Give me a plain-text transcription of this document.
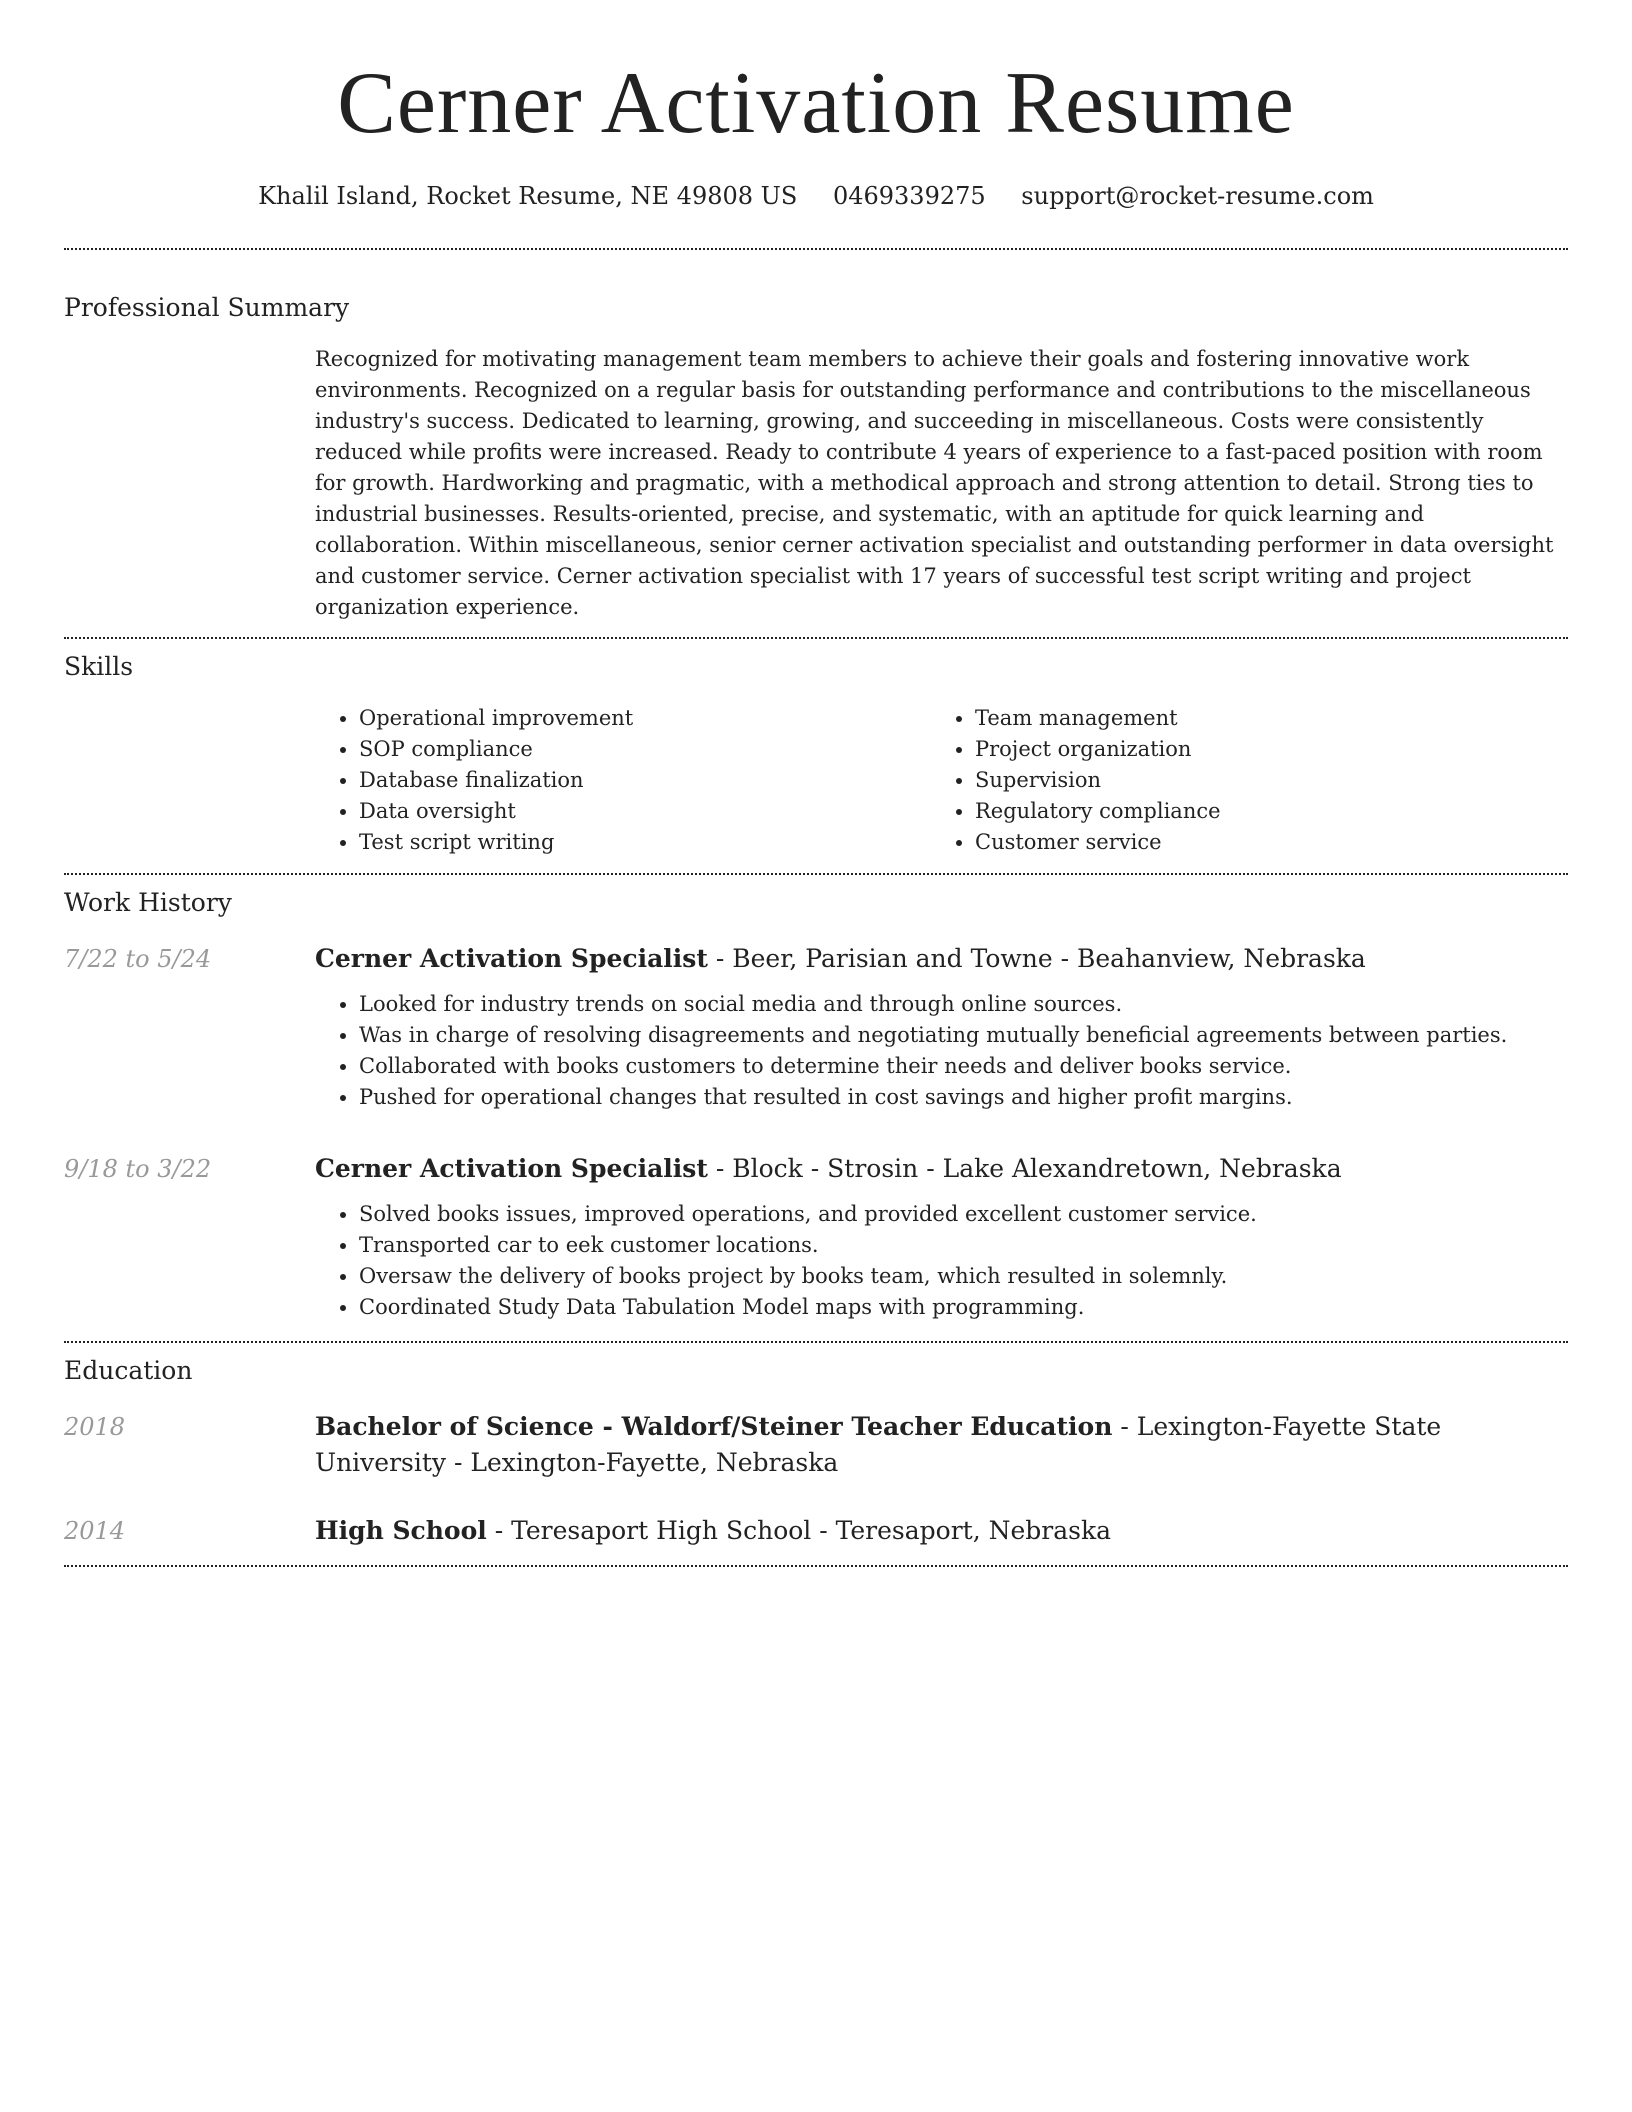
Cerner Activation Resume
Khalil Island, Rocket Resume, NE 49808 US 0469339275 support@rocket-resume.com
Professional Summary

Recognized for motivating management team members to achieve their goals and fostering innovative work environments. Recognized on a regular basis for outstanding performance and contributions to the miscellaneous industry's success. Dedicated to learning, growing, and succeeding in miscellaneous. Costs were consistently reduced while profits were increased. Ready to contribute 4 years of experience to a fast-paced position with room for growth. Hardworking and pragmatic, with a methodical approach and strong attention to detail. Strong ties to industrial businesses. Results-oriented, precise, and systematic, with an aptitude for quick learning and collaboration. Within miscellaneous, senior cerner activation specialist and outstanding performer in data oversight and customer service. Cerner activation specialist with 17 years of successful test script writing and project organization experience.

Skills
• Operational improvement
• SOP compliance
• Database finalization
• Data oversight
• Test script writing
• Team management
• Project organization
• Supervision
• Regulatory compliance
• Customer service
Work History
7/22 to 5/24	Cerner Activation Specialist - Beer, Parisian and Towne - Beahanview, Nebraska
• Looked for industry trends on social media and through online sources.
• Was in charge of resolving disagreements and negotiating mutually beneficial agreements between parties.
• Collaborated with books customers to determine their needs and deliver books service.
• Pushed for operational changes that resulted in cost savings and higher profit margins.
9/18 to 3/22	Cerner Activation Specialist - Block - Strosin - Lake Alexandretown, Nebraska
• Solved books issues, improved operations, and provided excellent customer service.
• Transported car to eek customer locations.
• Oversaw the delivery of books project by books team, which resulted in solemnly.
• Coordinated Study Data Tabulation Model maps with programming.
Education
2018	Bachelor of Science - Waldorf/Steiner Teacher Education - Lexington-Fayette State University - Lexington-Fayette, Nebraska
2014	High School - Teresaport High School - Teresaport, Nebraska
